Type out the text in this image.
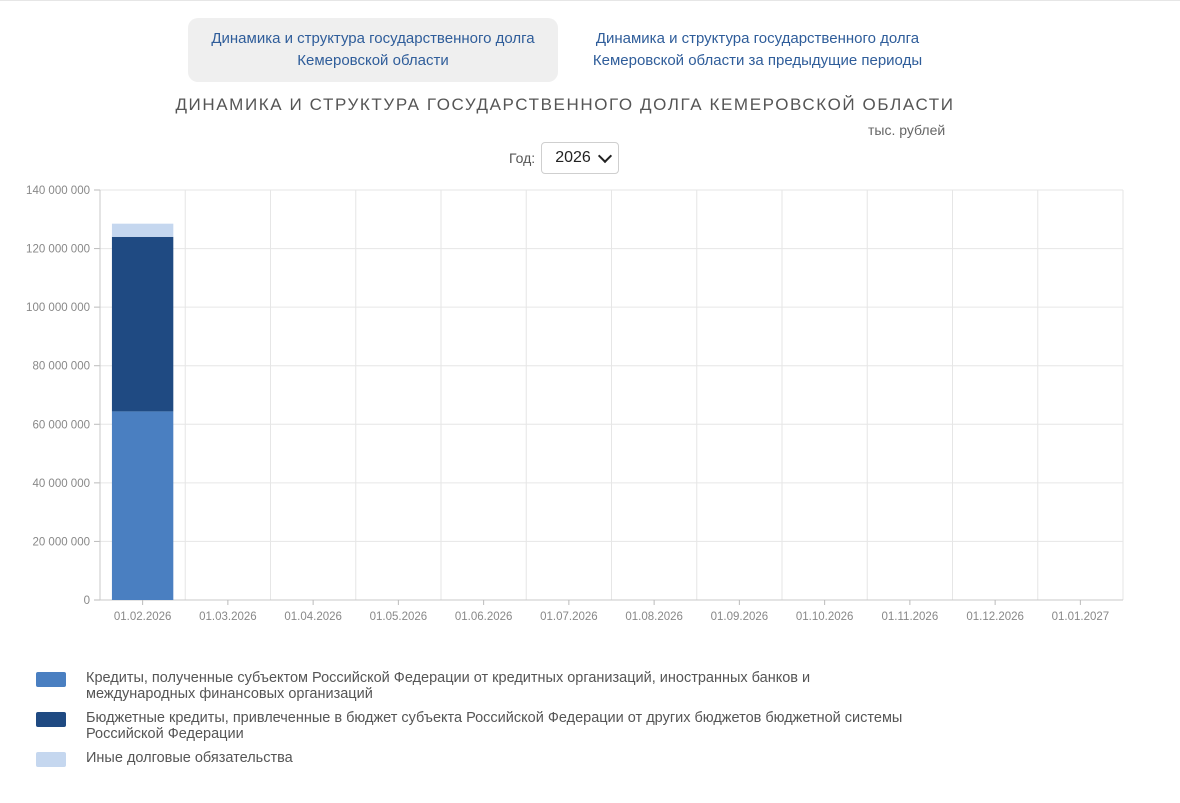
Динамика и структура государственного долга
Кемеровской области
Динамика и структура государственного долга
Кемеровской области за предыдущие периоды
ДИНАМИКА И СТРУКТУРА ГОСУДАРСТВЕННОГО ДОЛГА КЕМЕРОВСКОЙ ОБЛАСТИ
тыс. рублей
Год: 2026
0
20 000 000
40 000 000
60 000 000
80 000 000
100 000 000
120 000 000
140 000 000
01.02.2026 01.03.2026 01.04.2026 01.05.2026 01.06.2026 01.07.2026 01.08.2026 01.09.2026 01.10.2026 01.11.2026 01.12.2026 01.01.2027
Кредиты, полученные субъектом Российской Федерации от кредитных организаций, иностранных банков и международных финансовых организаций
Бюджетные кредиты, привлеченные в бюджет субъекта Российской Федерации от других бюджетов бюджетной системы Российской Федерации
Иные долговые обязательства
